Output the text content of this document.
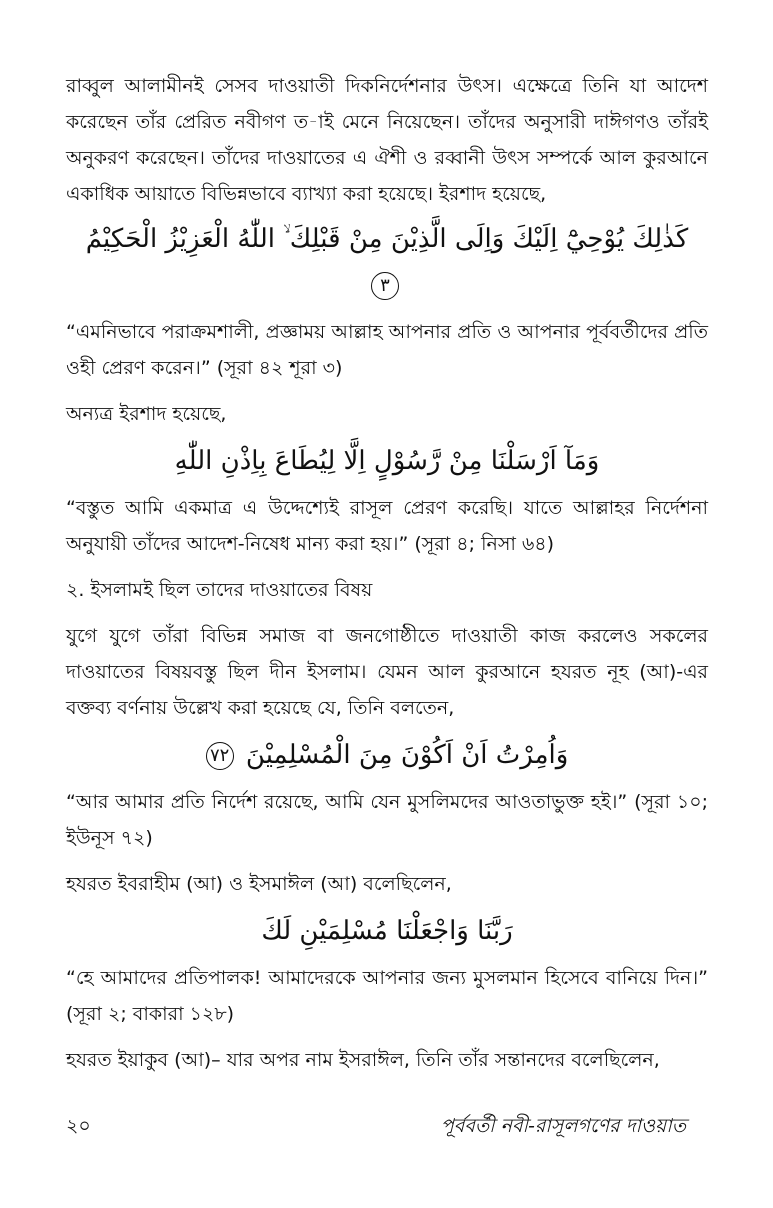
রাব্বুল আলামীনই সেসব দাওয়াতী দিকনির্দেশনার উৎস। এক্ষেত্রে তিনি যা আদেশ করেছেন তাঁর প্রেরিত নবীগণ ত-াই মেনে নিয়েছেন। তাঁদের অনুসারী দাঈগণও তাঁরই অনুকরণ করেছেন। তাঁদের দাওয়াতের এ ঐশী ও রব্বানী উৎস সম্পর্কে আল কুরআনে একাধিক আয়াতে বিভিন্নভাবে ব্যাখ্যা করা হয়েছে। ইরশাদ হয়েছে,

كَذٰلِكَ يُوْحِيْٓ اِلَيْكَ وَاِلَى الَّذِيْنَ مِنْ قَبْلِكَ ۙ اللّٰهُ الْعَزِيْزُ الْحَكِيْمُ ٣

“এমনিভাবে পরাক্রমশালী, প্রজ্ঞাময় আল্লাহ আপনার প্রতি ও আপনার পূর্ববর্তীদের প্রতি ওহী প্রেরণ করেন।” (সূরা ৪২ শূরা ৩)

অন্যত্র ইরশাদ হয়েছে,

وَمَآ اَرْسَلْنَا مِنْ رَّسُوْلٍ اِلَّا لِيُطَاعَ بِاِذْنِ اللّٰهِ

“বস্তুত আমি একমাত্র এ উদ্দেশ্যেই রাসূল প্রেরণ করেছি। যাতে আল্লাহর নির্দেশনা অনুযায়ী তাঁদের আদেশ-নিষেধ মান্য করা হয়।” (সূরা ৪; নিসা ৬৪)

২. ইসলামই ছিল তাদের দাওয়াতের বিষয়

যুগে যুগে তাঁরা বিভিন্ন সমাজ বা জনগোষ্ঠীতে দাওয়াতী কাজ করলেও সকলের দাওয়াতের বিষয়বস্তু ছিল দীন ইসলাম। যেমন আল কুরআনে হযরত নূহ (আ)-এর বক্তব্য বর্ণনায় উল্লেখ করা হয়েছে যে, তিনি বলতেন,

وَاُمِرْتُ اَنْ اَكُوْنَ مِنَ الْمُسْلِمِيْنَ ٧٢

“আর আমার প্রতি নির্দেশ রয়েছে, আমি যেন মুসলিমদের আওতাভুক্ত হই।” (সূরা ১০; ইউনূস ৭২)

হযরত ইবরাহীম (আ) ও ইসমাঈল (আ) বলেছিলেন,

رَبَّنَا وَاجْعَلْنَا مُسْلِمَيْنِ لَكَ

“হে আমাদের প্রতিপালক! আমাদেরকে আপনার জন্য মুসলমান হিসেবে বানিয়ে দিন।” (সূরা ২; বাকারা ১২৮)

হযরত ইয়াকুব (আ)– যার অপর নাম ইসরাঈল, তিনি তাঁর সন্তানদের বলেছিলেন,

২০	পূর্ববর্তী নবী-রাসূলগণের দাওয়াত
